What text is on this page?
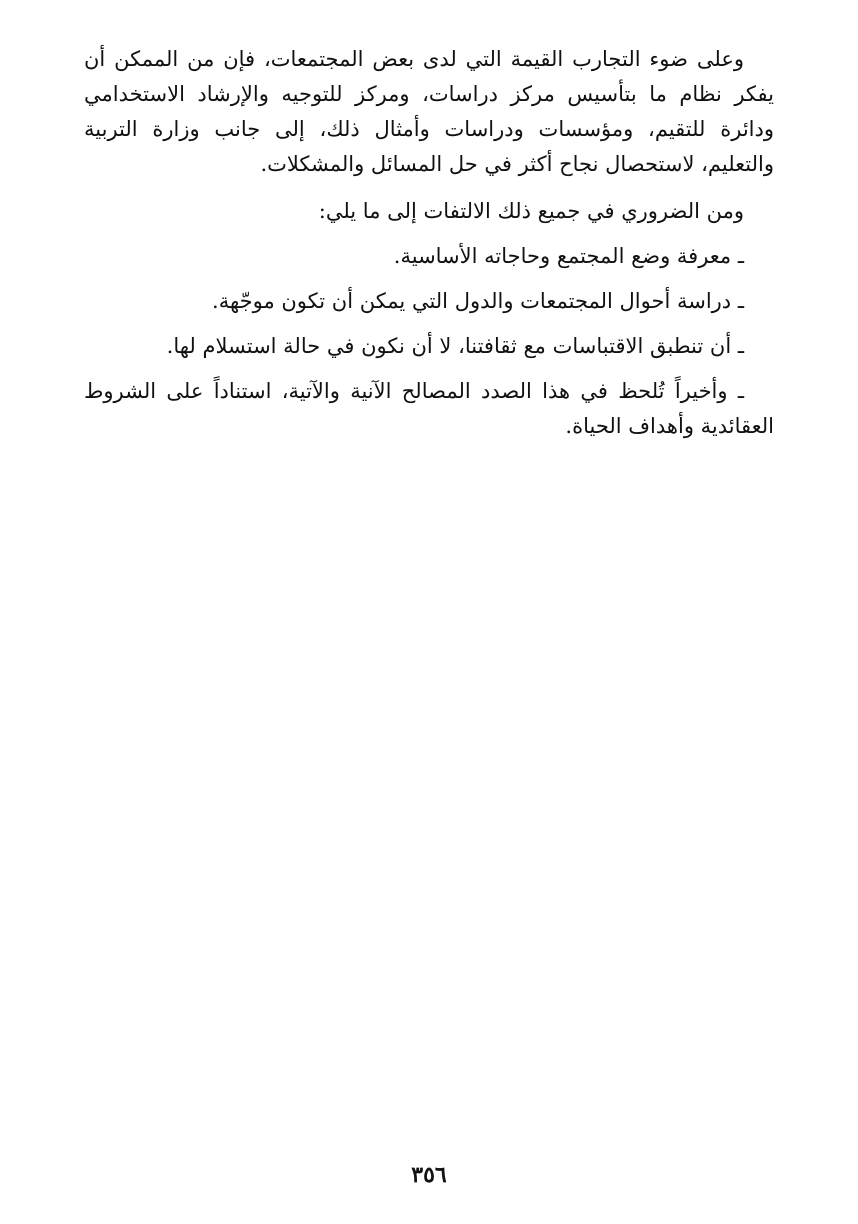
وعلى ضوء التجارب القيمة التي لدى بعض المجتمعات، فإن من الممكن أن يفكر نظام ما بتأسيس مركز دراسات، ومركز للتوجيه والإرشاد الاستخدامي ودائرة للتقيم، ومؤسسات ودراسات وأمثال ذلك، إلى جانب وزارة التربية والتعليم، لاستحصال نجاح أكثر في حل المسائل والمشكلات.

ومن الضروري في جميع ذلك الالتفات إلى ما يلي:

ـ معرفة وضع المجتمع وحاجاته الأساسية.
ـ دراسة أحوال المجتمعات والدول التي يمكن أن تكون موجّهة.
ـ أن تنطبق الاقتباسات مع ثقافتنا، لا أن نكون في حالة استسلام لها.
ـ وأخيراً تُلحظ في هذا الصدد المصالح الآنية والآتية، استناداً على الشروط العقائدية وأهداف الحياة.
٣٥٦
